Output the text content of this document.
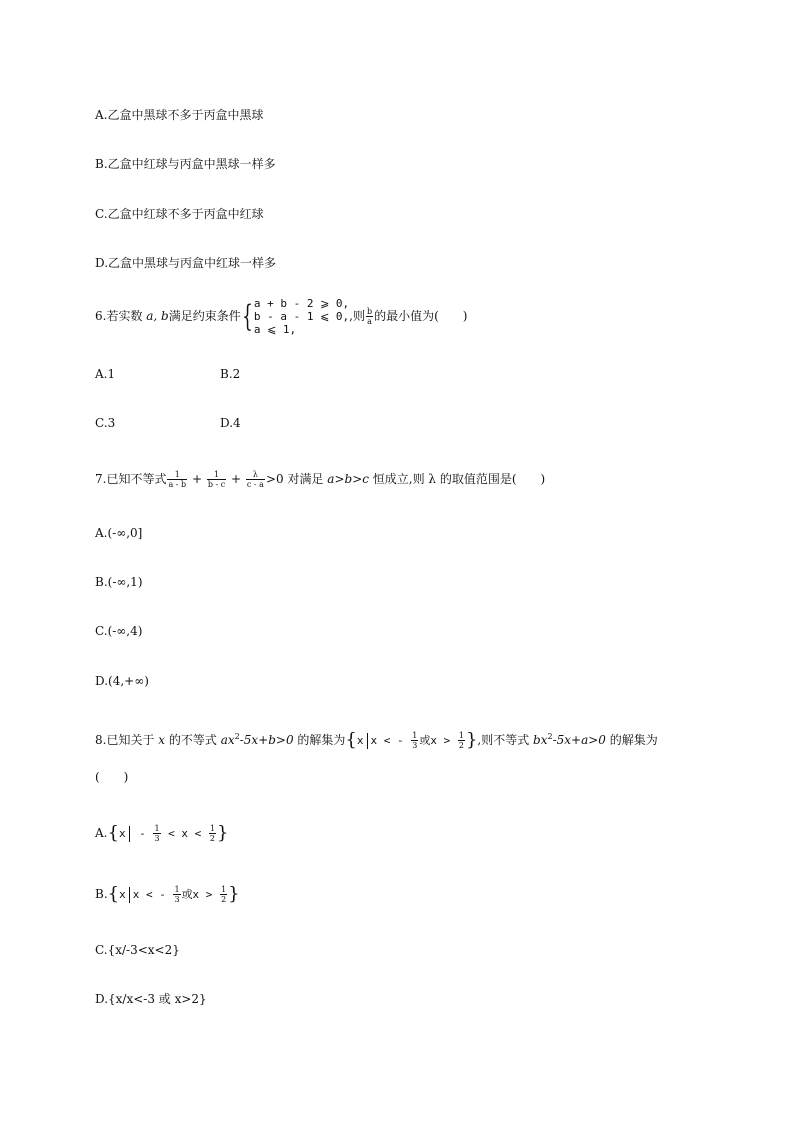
A.乙盒中黑球不多于丙盒中黑球
B.乙盒中红球与丙盒中黑球一样多
C.乙盒中红球不多于丙盒中红球
D.乙盒中黑球与丙盒中红球一样多
6.若实数 a, b满足约束条件{ a + b - 2 ⩾ 0,
b - a - 1 ⩽ 0,
a ⩽ 1,
,则 $\frac{b}{a}$ 的最小值为(　　)
A.1	B.2
C.3	D.4
7.已知不等式 $\frac{1}{a - b} + \frac{1}{b - c} + \frac{\lambda}{c - a} >0$ 对满足 a>b>c 恒成立,则 λ 的取值范围是(　　)
A.(-∞,0]
B.(-∞,1)
C.(-∞,4)
D.(4,+∞)
8.已知关于 x 的不等式 $ax^2-5x+b>0$ 的解集为{x x < - $\frac{1}{3}$ 或$x > \frac{1}{2}$ },则不等式 $bx^2-5x+a>0$ 的解集为
(　　)
$A.\{x - \frac{1}{3} < x < \frac{1}{2}$ }
B.{x x < - $\frac{1}{3}$ 或$x > \frac{1}{2}$ }
C.{x/-3<x<2}
D.{x/x<-3 或 x>2}
